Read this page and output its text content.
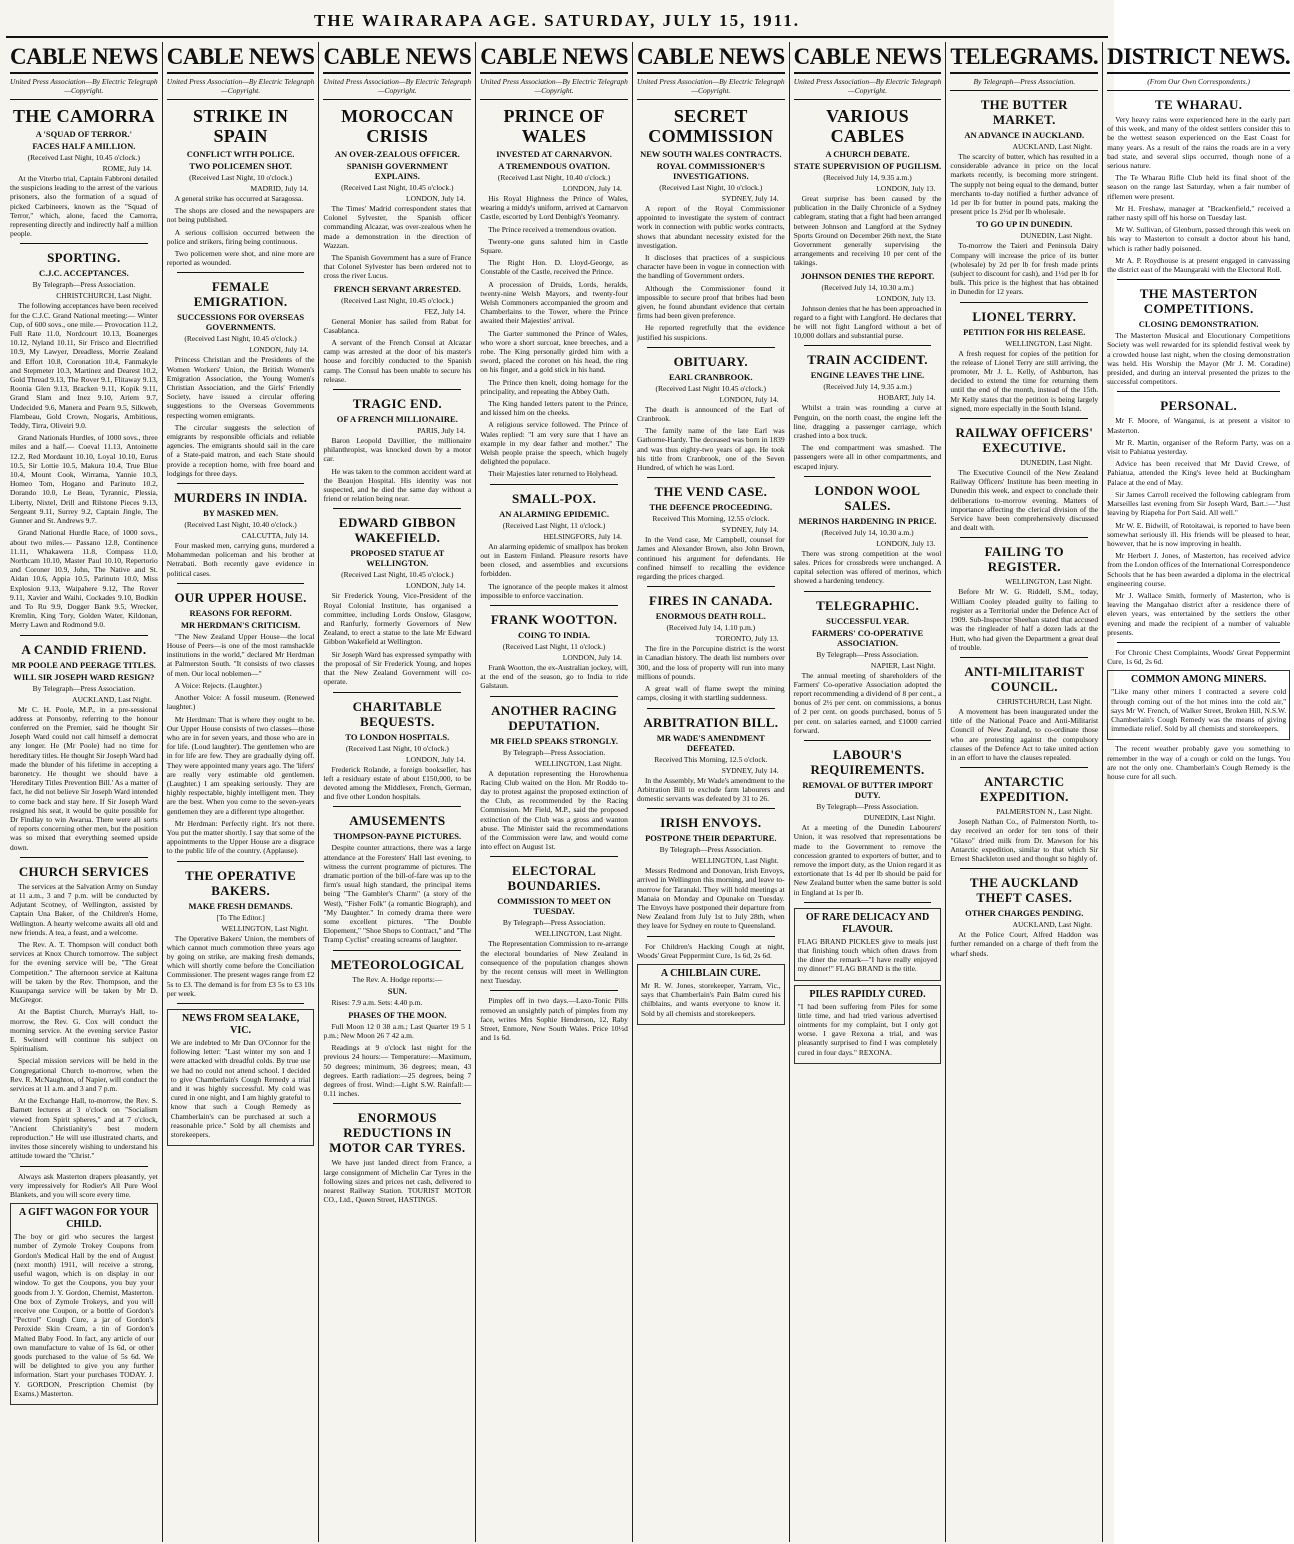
THE WAIRARAPA AGE. SATURDAY, JULY 15, 1911.
CABLE NEWS
United Press Association—By Electric Telegraph—Copyright.
THE CAMORRA
A 'SQUAD OF TERROR.'
FACES HALF A MILLION.
(Received Last Night, 10.45 o'clock.)
ROME, July 14.

At the Viterbo trial, Captain Fabbroni detailed the suspicions leading to the arrest of the various prisoners, also the formation of a squad of picked Carbineers, known as the "Squad of Terror," which, alone, faced the Camorra, representing directly and indirectly half a million people.

SPORTING.
C.J.C. ACCEPTANCES.
By Telegraph—Press Association.
CHRISTCHURCH, Last Night.

The following acceptances have been received for the C.J.C. Grand National meeting:— Winter Cup, of 600 sovs., one mile.— Provocation 11.2, Full Rate 11.0, Nordcourt 10.13, Boanerges 10.12, Nyland 10.11, Sir Frisco and Electrified 10.9, My Lawyer, Dreadless, Morrie Zealand and Effort 10.8, Coronation 10.4, Fanmakyle and Stepmeter 10.3, Martinez and Dearest 10.2, Gold Thread 9.13, The Rover 9.1, Flitaway 9.13, Roonia Glen 9.13, Bracken 9.11, Kopik 9.11, Grand Slam and Inez 9.10, Ariem 9.7, Undecided 9.6, Manera and Pearn 9.5, Silkweb, Flambeau, Gold Crown, Nogaris, Ambitious, Teddy, Tirra, Oliveiri 9.0.

Grand Nationals Hurdles, of 1000 sovs., three miles and a half.— Coeval 11.13, Antoinette 12.2, Red Mordaunt 10.10, Loyal 10.10, Eurus 10.5, Sir Lottie 10.5, Makura 10.4, True Blue 10.4, Mount Cook, Wirrama, Yannie 10.3, Homeo Tom, Hogano and Parinuto 10.2, Dorando 10.0, Le Beau, Tyrannic, Plessia, Liberty, Nixtel, Drill and Rilstone Pieces 9.13, Sergeant 9.11, Surrey 9.2, Captain Jingle, The Gunner and St. Andrews 9.7.

Grand National Hurdle Race, of 1000 sovs., about two miles.— Passano 12.8, Continence 11.11, Whakawera 11.8, Compass 11.0, Northcam 10.10, Master Paul 10.10, Repertorio and Coroner 10.9, John, The Native and St. Aidan 10.6, Appia 10.5, Parinuto 10.0, Miss Explosion 9.13, Waipahere 9.12, The Rover 9.11, Xavier and Waihi, Cockades 9.10, Bodkin and To Ru 9.9, Dogger Bank 9.5, Wrecker, Kremlin, King Tory, Golden Water, Kildonan, Merry Lawn and Rodmond 9.0.

A CANDID FRIEND.
MR POOLE AND PEERAGE TITLES.
WILL SIR JOSEPH WARD RESIGN?
By Telegraph—Press Association.
AUCKLAND, Last Night.

Mr C. H. Poole, M.P., in a pre-sessional address at Ponsonby, referring to the honour conferred on the Premier, said he thought Sir Joseph Ward could not call himself a democrat any longer. He (Mr Poole) had no time for hereditary titles. He thought Sir Joseph Ward had made the blunder of his lifetime in accepting a baronetcy. He thought we should have a 'Hereditary Titles Prevention Bill.' As a matter of fact, he did not believe Sir Joseph Ward intended to come back and stay here. If Sir Joseph Ward resigned his seat, it would be quite possible for Dr Findlay to win Awarua. There were all sorts of reports concerning other men, but the position was so mixed that everything seemed upside down.

CHURCH SERVICES

The services at the Salvation Army on Sunday at 11 a.m., 3 and 7 p.m. will be conducted by Adjutant Scotney, of Wellington, assisted by Captain Una Baker, of the Children's Home, Wellington. A hearty welcome awaits all old and new friends. A tea, a feast, and a welcome.

The Rev. A. T. Thompson will conduct both services at Knox Church tomorrow. The subject for the evening service will be, "The Great Competition." The afternoon service at Kaituna will be taken by the Rev. Thompson, and the Kuaupanga service will be taken by Mr D. McGregor.

At the Baptist Church, Murray's Hall, to-morrow, the Rev. G. Cox will conduct the morning service. At the evening service Pastor E. Swinerd will continue his subject on Spiritualism.

Special mission services will be held in the Congregational Church to-morrow, when the Rev. R. McNaughton, of Napier, will conduct the services at 11 a.m. and 3 and 7 p.m.

At the Exchange Hall, to-morrow, the Rev. S. Barnett lectures at 3 o'clock on "Socialism viewed from Spirit spheres," and at 7 o'clock, "Ancient Christianity's best modern reproduction." He will use illustrated charts, and invites those sincerely wishing to understand his attitude toward the "Christ."

Always ask Masterton drapers pleasantly, yet very impressively for Rodier's All Pure Wool Blankets, and you will score every time.

A GIFT WAGON FOR YOUR CHILD.

The boy or girl who secures the largest number of Zymole Trokey Coupons from Gordon's Medical Hall by the end of August (next month) 1911, will receive a strong, useful wagon, which is on display in our window. To get the Coupons, you buy your goods from J. Y. Gordon, Chemist, Masterton. One box of Zymole Trokeys, and you will receive one Coupon, or a bottle of Gordon's "Pectrol" Cough Cure, a jar of Gordon's Peroxide Skin Cream, a tin of Gordon's Malted Baby Food. In fact, any article of our own manufacture to value of 1s 6d, or other goods purchased to the value of 5s 6d. We will be delighted to give you any further information. Start your purchases TODAY. J. Y. GORDON, Prescription Chemist (by Exams.) Masterton.

CABLE NEWS
United Press Association—By Electric Telegraph—Copyright.
STRIKE IN SPAIN
CONFLICT WITH POLICE.
TWO POLICEMEN SHOT.
(Received Last Night, 10 o'clock.)
MADRID, July 14.

A general strike has occurred at Saragossa.

The shops are closed and the newspapers are not being published.

A serious collision occurred between the police and strikers, firing being continuous.

Two policemen were shot, and nine more are reported as wounded.

FEMALE EMIGRATION.
SUCCESSIONS FOR OVERSEAS GOVERNMENTS.
(Received Last Night, 10.45 o'clock.)
LONDON, July 14.

Princess Christian and the Presidents of the Women Workers' Union, the British Women's Emigration Association, the Young Women's Christian Association, and the Girls' Friendly Society, have issued a circular offering suggestions to the Overseas Governments respecting women emigrants.

The circular suggests the selection of emigrants by responsible officials and reliable agencies. The emigrants should sail in the care of a State-paid matron, and each State should provide a reception home, with free board and lodgings for three days.

MURDERS IN INDIA.
BY MASKED MEN.
(Received Last Night, 10.40 o'clock.)
CALCUTTA, July 14.

Four masked men, carrying guns, murdered a Mohammedan policeman and his brother at Netrabati. Both recently gave evidence in political cases.

OUR UPPER HOUSE.
REASONS FOR REFORM.
MR HERDMAN'S CRITICISM.

"The New Zealand Upper House—the local House of Peers—is one of the most ramshackle institutions in the world," declared Mr Herdman at Palmerston South. "It consists of two classes of men. Our local noblemen—"

A Voice: Rejects. (Laughter.)

Another Voice: A fossil museum. (Renewed laughter.)

Mr Herdman: That is where they ought to be. Our Upper House consists of two classes—those who are in for seven years, and those who are in for life. (Loud laughter). The gentlemen who are in for life are few. They are gradually dying off. They were appointed many years ago. The 'lifers' are really very estimable old gentlemen. (Laughter.) I am speaking seriously. They are highly respectable, highly intelligent men. They are the best. When you come to the seven-years gentlemen they are a different type altogether.

Mr Herdman: Perfectly right. It's not there. You put the matter shortly. I say that some of the appointments to the Upper House are a disgrace to the public life of the country. (Applause).

THE OPERATIVE BAKERS.
MAKE FRESH DEMANDS.
[To The Editor.]
WELLINGTON, Last Night.

The Operative Bakers' Union, the members of which cannot much commotion three years ago by going on strike, are making fresh demands, which will shortly come before the Conciliation Commissioner. The present wages range from £2 5s to £3. The demand is for from £3 5s to £3 10s per week.

NEWS FROM SEA LAKE, VIC.

We are indebted to Mr Dan O'Connor for the following letter: "Last winter my son and I were attacked with dreadful colds. By true use we had no could not attend school. I decided to give Chamberlain's Cough Remedy a trial and it was highly successful. My cold was cured in one night, and I am highly grateful to know that such a Cough Remedy as Chamberlain's can be purchased at such a reasonable price." Sold by all chemists and storekeepers.

CABLE NEWS
United Press Association—By Electric Telegraph—Copyright.
MOROCCAN CRISIS
AN OVER-ZEALOUS OFFICER.
SPANISH GOVERNMENT EXPLAINS.
(Received Last Night, 10.45 o'clock.)
LONDON, July 14.

The Times' Madrid correspondent states that Colonel Sylvester, the Spanish officer commanding Alcazar, was over-zealous when he made a demonstration in the direction of Wazzan.

The Spanish Government has a sure of France that Colonel Sylvester has been ordered not to cross the river Lucus.

FRENCH SERVANT ARRESTED.
(Received Last Night, 10.45 o'clock.)
FEZ, July 14.

General Monier has sailed from Rabat for Casablanca.

A servant of the French Consul at Alcazar camp was arrested at the door of his master's house and forcibly conducted to the Spanish camp. The Consul has been unable to secure his release.

TRAGIC END.
OF A FRENCH MILLIONAIRE.
PARIS, July 14.

Baron Leopold Davillier, the millionaire philanthropist, was knocked down by a motor car.

He was taken to the common accident ward at the Beaujon Hospital. His identity was not suspected, and he died the same day without a friend or relation being near.

EDWARD GIBBON WAKEFIELD.
PROPOSED STATUE AT WELLINGTON.
(Received Last Night, 10.45 o'clock.)
LONDON, July 14.

Sir Frederick Young, Vice-President of the Royal Colonial Institute, has organised a committee, including Lords Onslow, Glasgow, and Ranfurly, formerly Governors of New Zealand, to erect a statue to the late Mr Edward Gibbon Wakefield at Wellington.

Sir Joseph Ward has expressed sympathy with the proposal of Sir Frederick Young, and hopes that the New Zealand Government will co-operate.

CHARITABLE BEQUESTS.
TO LONDON HOSPITALS.
(Received Last Night, 10 o'clock.)
LONDON, July 14.

Frederick Rolande, a foreign bookseller, has left a residuary estate of about £150,000, to be devoted among the Middlesex, French, German, and five other London hospitals.

AMUSEMENTS
THOMPSON-PAYNE PICTURES.

Despite counter attractions, there was a large attendance at the Foresters' Hall last evening, to witness the current programme of pictures. The dramatic portion of the bill-of-fare was up to the firm's usual high standard, the principal items being "The Gambler's Charm" (a story of the West), "Fisher Folk" (a romantic Biograph), and "My Daughter." In comedy drama there were some excellent pictures. "The Double Elopement," "Shoe Shops to Contract," and "The Tramp Cyclist" creating screams of laughter.

METEOROLOGICAL
The Rev. A. Hodge reports:—
SUN.

Rises: 7.9 a.m. Sets: 4.40 p.m.

PHASES OF THE MOON.

Full Moon 12 0 38 a.m.; Last Quarter 19 5 1 p.m.; New Moon 26 7 42 a.m.

Readings at 9 o'clock last night for the previous 24 hours:— Temperature:—Maximum, 50 degrees; minimum, 36 degrees; mean, 43 degrees. Earth radiation:—25 degrees, being 7 degrees of frost. Wind:—Light S.W. Rainfall:—0.11 inches.

ENORMOUS REDUCTIONS IN MOTOR CAR TYRES.

We have just landed direct from France, a large consignment of Michelin Car Tyres in the following sizes and prices net cash, delivered to nearest Railway Station. TOURIST MOTOR CO., Ltd., Queen Street, HASTINGS.

CABLE NEWS
United Press Association—By Electric Telegraph—Copyright.
PRINCE OF WALES
INVESTED AT CARNARVON.
A TREMENDOUS OVATION.
(Received Last Night, 10.40 o'clock.)
LONDON, July 14.

His Royal Highness the Prince of Wales, wearing a middy's uniform, arrived at Carnarvon Castle, escorted by Lord Denbigh's Yeomanry.

The Prince received a tremendous ovation.

Twenty-one guns saluted him in Castle Square.

The Right Hon. D. Lloyd-George, as Constable of the Castle, received the Prince.

A procession of Druids, Lords, heralds, twenty-nine Welsh Mayors, and twenty-four Welsh Commoners accompanied the groom and Chamberlains to the Tower, where the Prince awaited their Majesties' arrival.

The Garter summoned the Prince of Wales, who wore a short surcoat, knee breeches, and a robe. The King personally girded him with a sword, placed the coronet on his head, the ring on his finger, and a gold stick in his hand.

The Prince then knelt, doing homage for the principality, and repeating the Abbey Oath.

The King handed letters patent to the Prince, and kissed him on the cheeks.

A religious service followed. The Prince of Wales replied: "I am very sure that I have an example in my dear father and mother." The Welsh people praise the speech, which hugely delighted the populace.

Their Majesties later returned to Holyhead.

SMALL-POX.
AN ALARMING EPIDEMIC.
(Received Last Night, 11 o'clock.)
HELSINGFORS, July 14.

An alarming epidemic of smallpox has broken out in Eastern Finland. Pleasure resorts have been closed, and assemblies and excursions forbidden.

The ignorance of the people makes it almost impossible to enforce vaccination.

FRANK WOOTTON.
COING TO INDIA.
(Received Last Night, 11 o'clock.)
LONDON, July 14.

Frank Wootton, the ex-Australian jockey, will, at the end of the season, go to India to ride Galstaun.

ANOTHER RACING DEPUTATION.
MR FIELD SPEAKS STRONGLY.
By Telegraph—Press Association.
WELLINGTON, Last Night.

A deputation representing the Horowhenua Racing Club waited on the Hon. Mr Roddo to-day to protest against the proposed extinction of the Club, as recommended by the Racing Commission. Mr Field, M.P., said the proposed extinction of the Club was a gross and wanton abuse. The Minister said the recommendations of the Commission were law, and would come into effect on August 1st.

ELECTORAL BOUNDARIES.
COMMISSION TO MEET ON TUESDAY.
By Telegraph—Press Association.
WELLINGTON, Last Night.

The Representation Commission to re-arrange the electoral boundaries of New Zealand in consequence of the population changes shown by the recent census will meet in Wellington next Tuesday.

Pimples off in two days.—Laxo-Tonic Pills removed an unsightly patch of pimples from my face, writes Mrs Sophie Henderson, 12, Raby Street, Enmore, New South Wales. Price 10½d and 1s 6d.

CABLE NEWS
United Press Association—By Electric Telegraph—Copyright.
SECRET COMMISSION
NEW SOUTH WALES CONTRACTS.
ROYAL COMMISSIONER'S INVESTIGATIONS.
(Received Last Night, 10 o'clock.)
SYDNEY, July 14.

A report of the Royal Commissioner appointed to investigate the system of contract work in connection with public works contracts, shows that abundant necessity existed for the investigation.

It discloses that practices of a suspicious character have been in vogue in connection with the handling of Government orders.

Although the Commissioner found it impossible to secure proof that bribes had been given, he found abundant evidence that certain firms had been given preference.

He reported regretfully that the evidence justified his suspicions.

OBITUARY.
EARL CRANBROOK.
(Received Last Night 10.45 o'clock.)
LONDON, July 14.

The death is announced of the Earl of Cranbrook.

The family name of the late Earl was Gathorne-Hardy. The deceased was born in 1839 and was thus eighty-two years of age. He took his title from Cranbrook, one of the Seven Hundred, of which he was Lord.

THE VEND CASE.
THE DEFENCE PROCEEDING.
Received This Morning, 12.55 o'clock.
SYDNEY, July 14.

In the Vend case, Mr Campbell, counsel for James and Alexander Brown, also John Brown, continued his argument for defendants. He confined himself to recalling the evidence regarding the prices charged.

FIRES IN CANADA.
ENORMOUS DEATH ROLL.
(Received July 14, 1.10 p.m.)
TORONTO, July 13.

The fire in the Porcupine district is the worst in Canadian history. The death list numbers over 300, and the loss of property will run into many millions of pounds.

A great wall of flame swept the mining camps, closing it with startling suddenness.

ARBITRATION BILL.
MR WADE'S AMENDMENT DEFEATED.
Received This Morning, 12.5 o'clock.
SYDNEY, July 14.

In the Assembly, Mr Wade's amendment to the Arbitration Bill to exclude farm labourers and domestic servants was defeated by 31 to 26.

IRISH ENVOYS.
POSTPONE THEIR DEPARTURE.
By Telegraph—Press Association.
WELLINGTON, Last Night.

Messrs Redmond and Donovan, Irish Envoys, arrived in Wellington this morning, and leave to-morrow for Taranaki. They will hold meetings at Manaia on Monday and Opunake on Tuesday. The Envoys have postponed their departure from New Zealand from July 1st to July 28th, when they leave for Sydney en route to Queensland.

For Children's Hacking Cough at night, Woods' Great Peppermint Cure, 1s 6d, 2s 6d.

A CHILBLAIN CURE.

Mr R. W. Jones, storekeeper, Yarram, Vic., says that Chamberlain's Pain Balm cured his chilblains, and wants everyone to know it. Sold by all chemists and storekeepers.

CABLE NEWS
United Press Association—By Electric Telegraph—Copyright.
VARIOUS CABLES
A CHURCH DEBATE.
STATE SUPERVISION OF PUGILISM.
(Received July 14, 9.35 a.m.)
LONDON, July 13.

Great surprise has been caused by the publication in the Daily Chronicle of a Sydney cablegram, stating that a fight had been arranged between Johnson and Langford at the Sydney Sports Ground on December 26th next, the State Government generally supervising the arrangements and receiving 10 per cent of the takings.

JOHNSON DENIES THE REPORT.
(Received July 14, 10.30 a.m.)
LONDON, July 13.

Johnson denies that he has been approached in regard to a fight with Langford. He declares that he will not fight Langford without a bet of 10,000 dollars and substantial purse.

TRAIN ACCIDENT.
ENGINE LEAVES THE LINE.
(Received July 14, 9.35 a.m.)
HOBART, July 14.

Whilst a train was rounding a curve at Penguin, on the north coast, the engine left the line, dragging a passenger carriage, which crashed into a box truck.

The end compartment was smashed. The passengers were all in other compartments, and escaped injury.

LONDON WOOL SALES.
MERINOS HARDENING IN PRICE.
(Received July 14, 10.30 a.m.)
LONDON, July 13.

There was strong competition at the wool sales. Prices for crossbreds were unchanged. A capital selection was offered of merinos, which showed a hardening tendency.

TELEGRAPHIC.
SUCCESSFUL YEAR.
FARMERS' CO-OPERATIVE ASSOCIATION.
By Telegraph—Press Association.
NAPIER, Last Night.

The annual meeting of shareholders of the Farmers' Co-operative Association adopted the report recommending a dividend of 8 per cent., a bonus of 2½ per cent. on commissions, a bonus of 2 per cent. on goods purchased, bonus of 5 per cent. on salaries earned, and £1000 carried forward.

LABOUR'S REQUIREMENTS.
REMOVAL OF BUTTER IMPORT DUTY.
By Telegraph—Press Association.
DUNEDIN, Last Night.

At a meeting of the Dunedin Labourers' Union, it was resolved that representations be made to the Government to remove the concession granted to exporters of butter, and to remove the import duty, as the Union regard it as extortionate that 1s 4d per lb should be paid for New Zealand butter when the same butter is sold in England at 1s per lb.

OF RARE DELICACY AND FLAVOUR.

FLAG BRAND PICKLES give to meals just that finishing touch which often draws from the diner the remark—"I have really enjoyed my dinner!" FLAG BRAND is the title.

PILES RAPIDLY CURED.

"I had been suffering from Piles for some little time, and had tried various advertised ointments for my complaint, but I only got worse. I gave Rexona a trial, and was pleasantly surprised to find I was completely cured in four days." REXONA.

TELEGRAMS.
By Telegraph—Press Association.
THE BUTTER MARKET.
AN ADVANCE IN AUCKLAND.
AUCKLAND, Last Night.

The scarcity of butter, which has resulted in a considerable advance in price on the local markets recently, is becoming more stringent. The supply not being equal to the demand, butter merchants to-day notified a further advance of 1d per lb for butter in pound pats, making the present price 1s 2½d per lb wholesale.

TO GO UP IN DUNEDIN.
DUNEDIN, Last Night.

To-morrow the Taieri and Peninsula Dairy Company will increase the price of its butter (wholesale) by 2d per lb for fresh made prints (subject to discount for cash), and 1½d per lb for bulk. This price is the highest that has obtained in Dunedin for 12 years.

LIONEL TERRY.
PETITION FOR HIS RELEASE.
WELLINGTON, Last Night.

A fresh request for copies of the petition for the release of Lionel Terry are still arriving, the promoter, Mr J. L. Kelly, of Ashburton, has decided to extend the time for returning them until the end of the month, instead of the 15th. Mr Kelly states that the petition is being largely signed, more especially in the South Island.

RAILWAY OFFICERS' EXECUTIVE.
DUNEDIN, Last Night.

The Executive Council of the New Zealand Railway Officers' Institute has been meeting in Dunedin this week, and expect to conclude their deliberations to-morrow evening. Matters of importance affecting the clerical division of the Service have been comprehensively discussed and dealt with.

FAILING TO REGISTER.
WELLINGTON, Last Night.

Before Mr W. G. Riddell, S.M., today, William Cooley pleaded guilty to failing to register as a Territorial under the Defence Act of 1909. Sub-Inspector Sheehan stated that accused was the ringleader of half a dozen lads at the Hutt, who had given the Department a great deal of trouble.

ANTI-MILITARIST COUNCIL.
CHRISTCHURCH, Last Night.

A movement has been inaugurated under the title of the National Peace and Anti-Militarist Council of New Zealand, to co-ordinate those who are protesting against the compulsory clauses of the Defence Act to take united action in an effort to have the clauses repealed.

ANTARCTIC EXPEDITION.
PALMERSTON N., Last Night.

Joseph Nathan Co., of Palmerston North, to-day received an order for ten tons of their "Glaxo" dried milk from Dr. Mawson for his Antarctic expedition, similar to that which Sir Ernest Shackleton used and thought so highly of.

THE AUCKLAND THEFT CASES.
OTHER CHARGES PENDING.
AUCKLAND, Last Night.

At the Police Court, Alfred Haddon was further remanded on a charge of theft from the wharf sheds.

DISTRICT NEWS.
(From Our Own Correspondents.)
TE WHARAU.

Very heavy rains were experienced here in the early part of this week, and many of the oldest settlers consider this to be the wettest season experienced on the East Coast for many years. As a result of the rains the roads are in a very bad state, and several slips occurred, though none of a serious nature.

The Te Wharau Rifle Club held its final shoot of the season on the range last Saturday, when a fair number of riflemen were present.

Mr H. Freshaw, manager at "Brackenfield," received a rather nasty spill off his horse on Tuesday last.

Mr W. Sullivan, of Glenburn, passed through this week on his way to Masterton to consult a doctor about his hand, which is rather badly poisoned.

Mr A. P. Roydhouse is at present engaged in canvassing the district east of the Maungaraki with the Electoral Roll.

THE MASTERTON COMPETITIONS.
CLOSING DEMONSTRATION.

The Masterton Musical and Elocutionary Competitions Society was well rewarded for its splendid festival week by a crowded house last night, when the closing demonstration was held. His Worship the Mayor (Mr J. M. Coradine) presided, and during an interval presented the prizes to the successful competitors.

PERSONAL.

Mr F. Moore, of Wanganui, is at present a visitor to Masterton.

Mr R. Martin, organiser of the Reform Party, was on a visit to Pahiatua yesterday.

Advice has been received that Mr David Crewe, of Pahiatua, attended the King's levee held at Buckingham Palace at the end of May.

Sir James Carroll received the following cablegram from Marseilles last evening from Sir Joseph Ward, Bart.:—"Just leaving by Riapeha for Port Said. All well."

Mr W. E. Bidwill, of Rotoitawai, is reported to have been somewhat seriously ill. His friends will be pleased to hear, however, that he is now improving in health.

Mr Herbert J. Jones, of Masterton, has received advice from the London offices of the International Correspondence Schools that he has been awarded a diploma in the electrical engineering course.

Mr J. Wallace Smith, formerly of Masterton, who is leaving the Mangahao district after a residence there of eleven years, was entertained by the settlers the other evening and made the recipient of a number of valuable presents.

For Chronic Chest Complaints, Woods' Great Peppermint Cure, 1s 6d, 2s 6d.

COMMON AMONG MINERS.

"Like many other miners I contracted a severe cold through coming out of the hot mines into the cold air," says Mr W. French, of Walker Street, Broken Hill, N.S.W. Chamberlain's Cough Remedy was the means of giving immediate relief. Sold by all chemists and storekeepers.

The recent weather probably gave you something to remember in the way of a cough or cold on the lungs. You are not the only one. Chamberlain's Cough Remedy is the house cure for all such.
